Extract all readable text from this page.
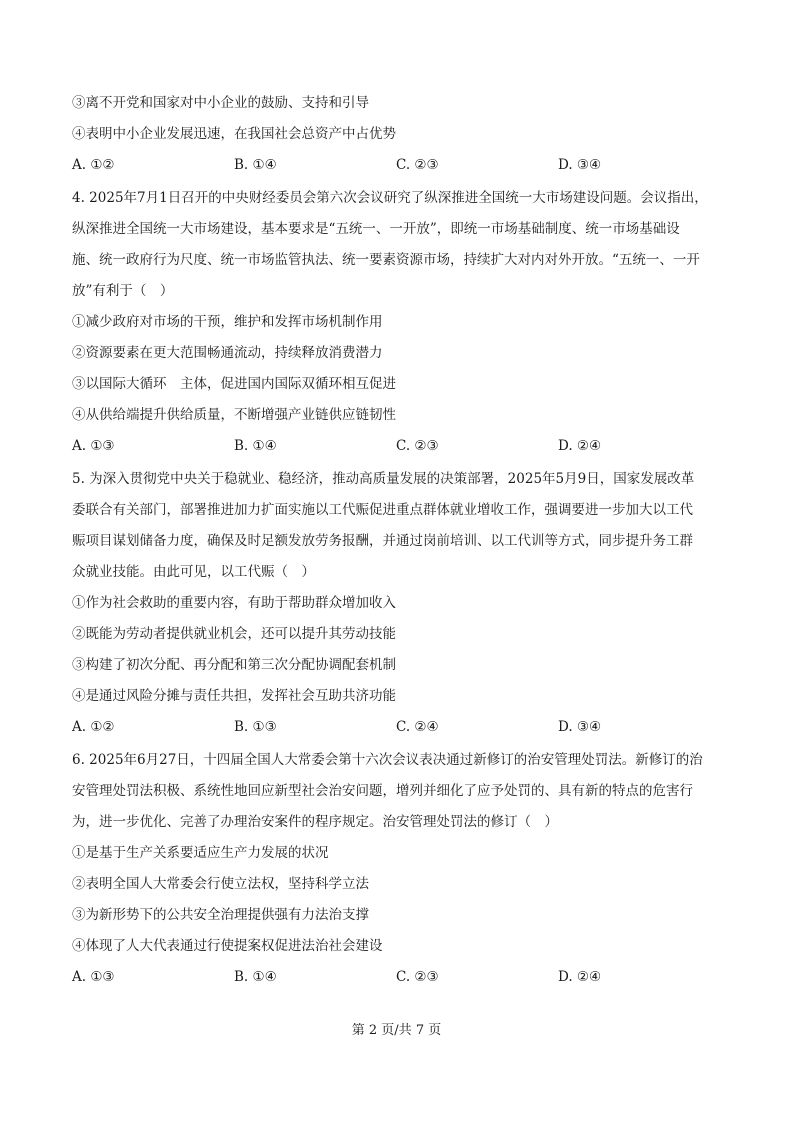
③离不开党和国家对中小企业的鼓励、支持和引导
④表明中小企业发展迅速，在我国社会总资产中占优势
A. ①②	B. ①④	C. ②③	D. ③④
4. 2025年7月1日召开的中央财经委员会第六次会议研究了纵深推进全国统一大市场建设问题。会议指出，
纵深推进全国统一大市场建设，基本要求是“五统一、一开放”，即统一市场基础制度、统一市场基础设
施、统一政府行为尺度、统一市场监管执法、统一要素资源市场，持续扩大对内对外开放。“五统一、一开
放”有利于（　）
①减少政府对市场的干预，维护和发挥市场机制作用
②资源要素在更大范围畅通流动，持续释放消费潜力
③以国际大循环　主体，促进国内国际双循环相互促进
④从供给端提升供给质量，不断增强产业链供应链韧性
A. ①③	B. ①④	C. ②③	D. ②④
5. 为深入贯彻党中央关于稳就业、稳经济，推动高质量发展的决策部署，2025年5月9日，国家发展改革
委联合有关部门，部署推进加力扩面实施以工代赈促进重点群体就业增收工作，强调要进一步加大以工代
赈项目谋划储备力度，确保及时足额发放劳务报酬，并通过岗前培训、以工代训等方式，同步提升务工群
众就业技能。由此可见，以工代赈（　）
①作为社会救助的重要内容，有助于帮助群众增加收入
②既能为劳动者提供就业机会，还可以提升其劳动技能
③构建了初次分配、再分配和第三次分配协调配套机制
④是通过风险分摊与责任共担，发挥社会互助共济功能
A. ①②	B. ①③	C. ②④	D. ③④
6. 2025年6月27日，十四届全国人大常委会第十六次会议表决通过新修订的治安管理处罚法。新修订的治
安管理处罚法积极、系统性地回应新型社会治安问题，增列并细化了应予处罚的、具有新的特点的危害行
为，进一步优化、完善了办理治安案件的程序规定。治安管理处罚法的修订（　）
①是基于生产关系要适应生产力发展的状况
②表明全国人大常委会行使立法权，坚持科学立法
③为新形势下的公共安全治理提供强有力法治支撑
④体现了人大代表通过行使提案权促进法治社会建设
A. ①③	B. ①④	C. ②③	D. ②④
第 2 页/共 7 页
